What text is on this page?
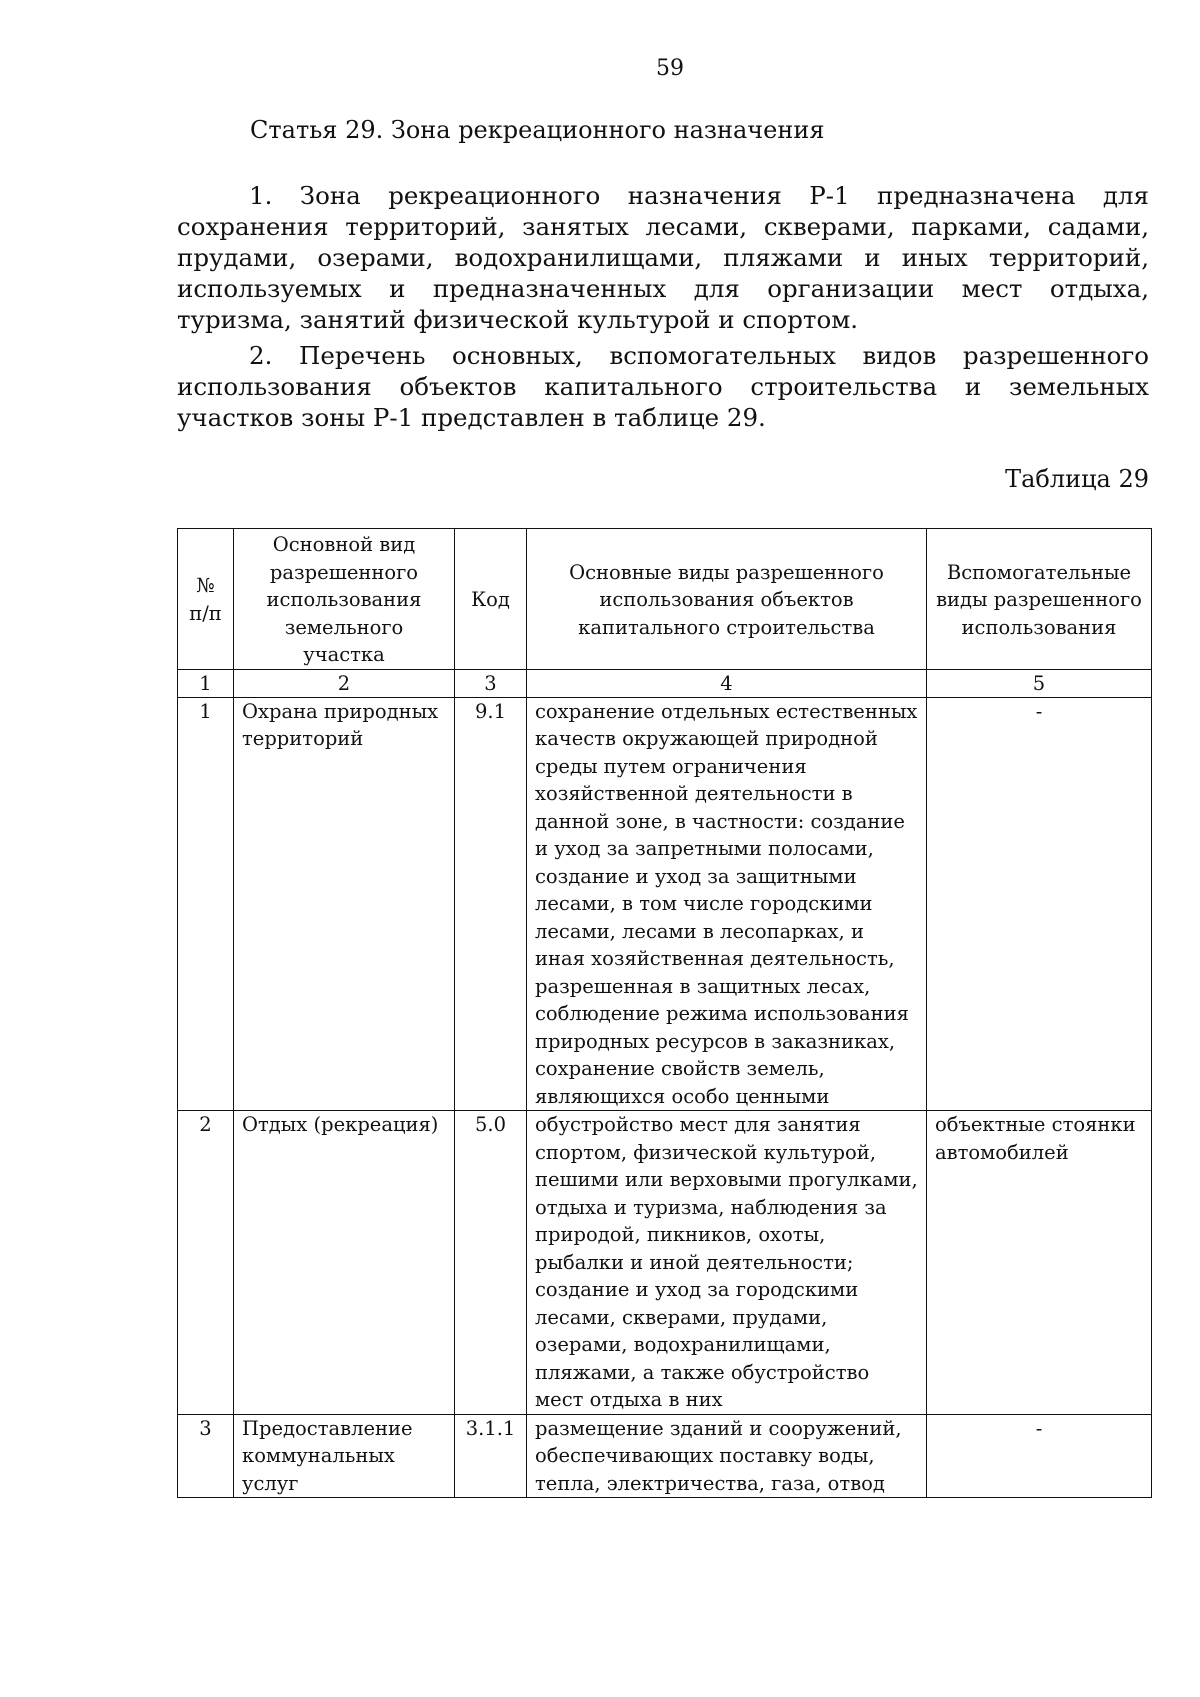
59
Статья 29. Зона рекреационного назначения

1. Зона рекреационного назначения Р-1 предназначена для сохранения территорий, занятых лесами, скверами, парками, садами, прудами, озерами, водохранилищами, пляжами и иных территорий, используемых и предназначенных для организации мест отдыха, туризма, занятий физической культурой и спортом.

2. Перечень основных, вспомогательных видов разрешенного использования объектов капитального строительства и земельных участков зоны Р-1 представлен в таблице 29.

Таблица 29
№ п/п	Основной вид разрешенного использования земельного участка	Код	Основные виды разрешенного использования объектов капитального строительства	Вспомогательные виды разрешенного использования
1	2	3	4	5
1	Охрана природных территорий	9.1	сохранение отдельных естественных качеств окружающей природной среды путем ограничения хозяйственной деятельности в данной зоне, в частности: создание и уход за запретными полосами, создание и уход за защитными лесами, в том числе городскими лесами, лесами в лесопарках, и иная хозяйственная деятельность, разрешенная в защитных лесах, соблюдение режима использования природных ресурсов в заказниках, сохранение свойств земель, являющихся особо ценными	-
2	Отдых (рекреация)	5.0	обустройство мест для занятия спортом, физической культурой, пешими или верховыми прогулками, отдыха и туризма, наблюдения за природой, пикников, охоты, рыбалки и иной деятельности; создание и уход за городскими лесами, скверами, прудами, озерами, водохранилищами, пляжами, а также обустройство мест отдыха в них	объектные стоянки автомобилей
3	Предоставление коммунальных услуг	3.1.1	размещение зданий и сооружений, обеспечивающих поставку воды, тепла, электричества, газа, отвод	-
